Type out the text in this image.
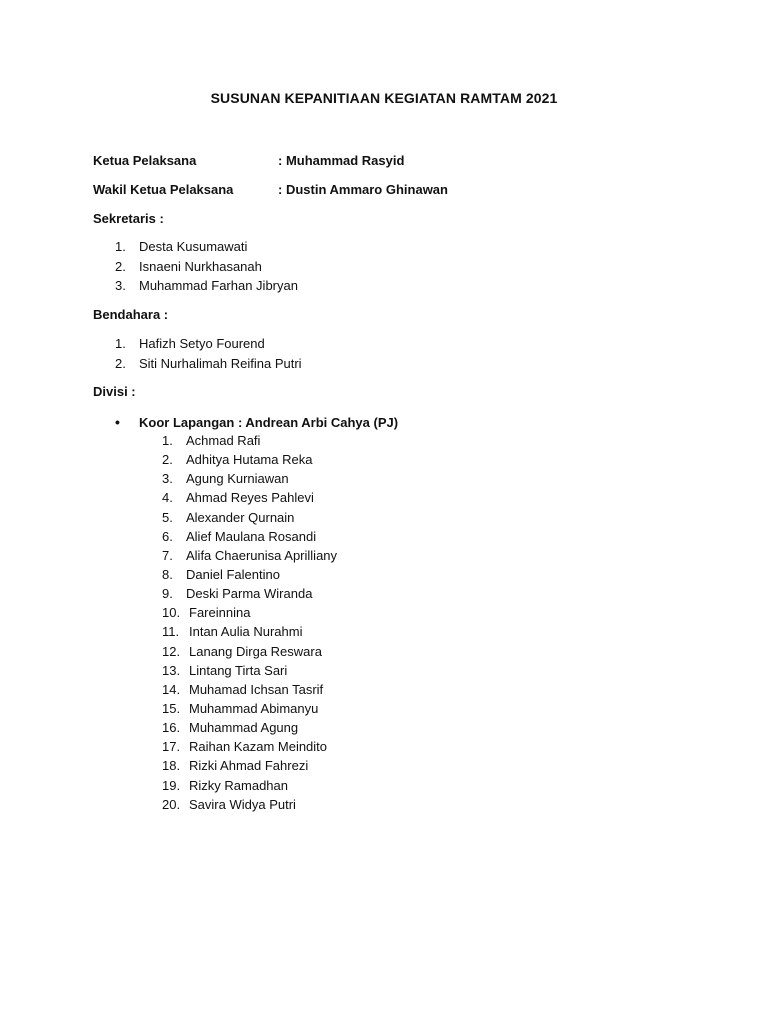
SUSUNAN KEPANITIAAN KEGIATAN RAMTAM 2021
Ketua Pelaksana	: Muhammad Rasyid
Wakil Ketua Pelaksana	: Dustin Ammaro Ghinawan
Sekretaris :
1. Desta Kusumawati
2. Isnaeni Nurkhasanah
3. Muhammad Farhan Jibryan
Bendahara :
1. Hafizh Setyo Fourend
2. Siti Nurhalimah Reifina Putri
Divisi :
• Koor Lapangan : Andrean Arbi Cahya (PJ)
1. Achmad Rafi
2. Adhitya Hutama Reka
3. Agung Kurniawan
4. Ahmad Reyes Pahlevi
5. Alexander Qurnain
6. Alief Maulana Rosandi
7. Alifa Chaerunisa Aprilliany
8. Daniel Falentino
9. Deski Parma Wiranda
10. Fareinnina
11. Intan Aulia Nurahmi
12. Lanang Dirga Reswara
13. Lintang Tirta Sari
14. Muhamad Ichsan Tasrif
15. Muhammad Abimanyu
16. Muhammad Agung
17. Raihan Kazam Meindito
18. Rizki Ahmad Fahrezi
19. Rizky Ramadhan
20. Savira Widya Putri
